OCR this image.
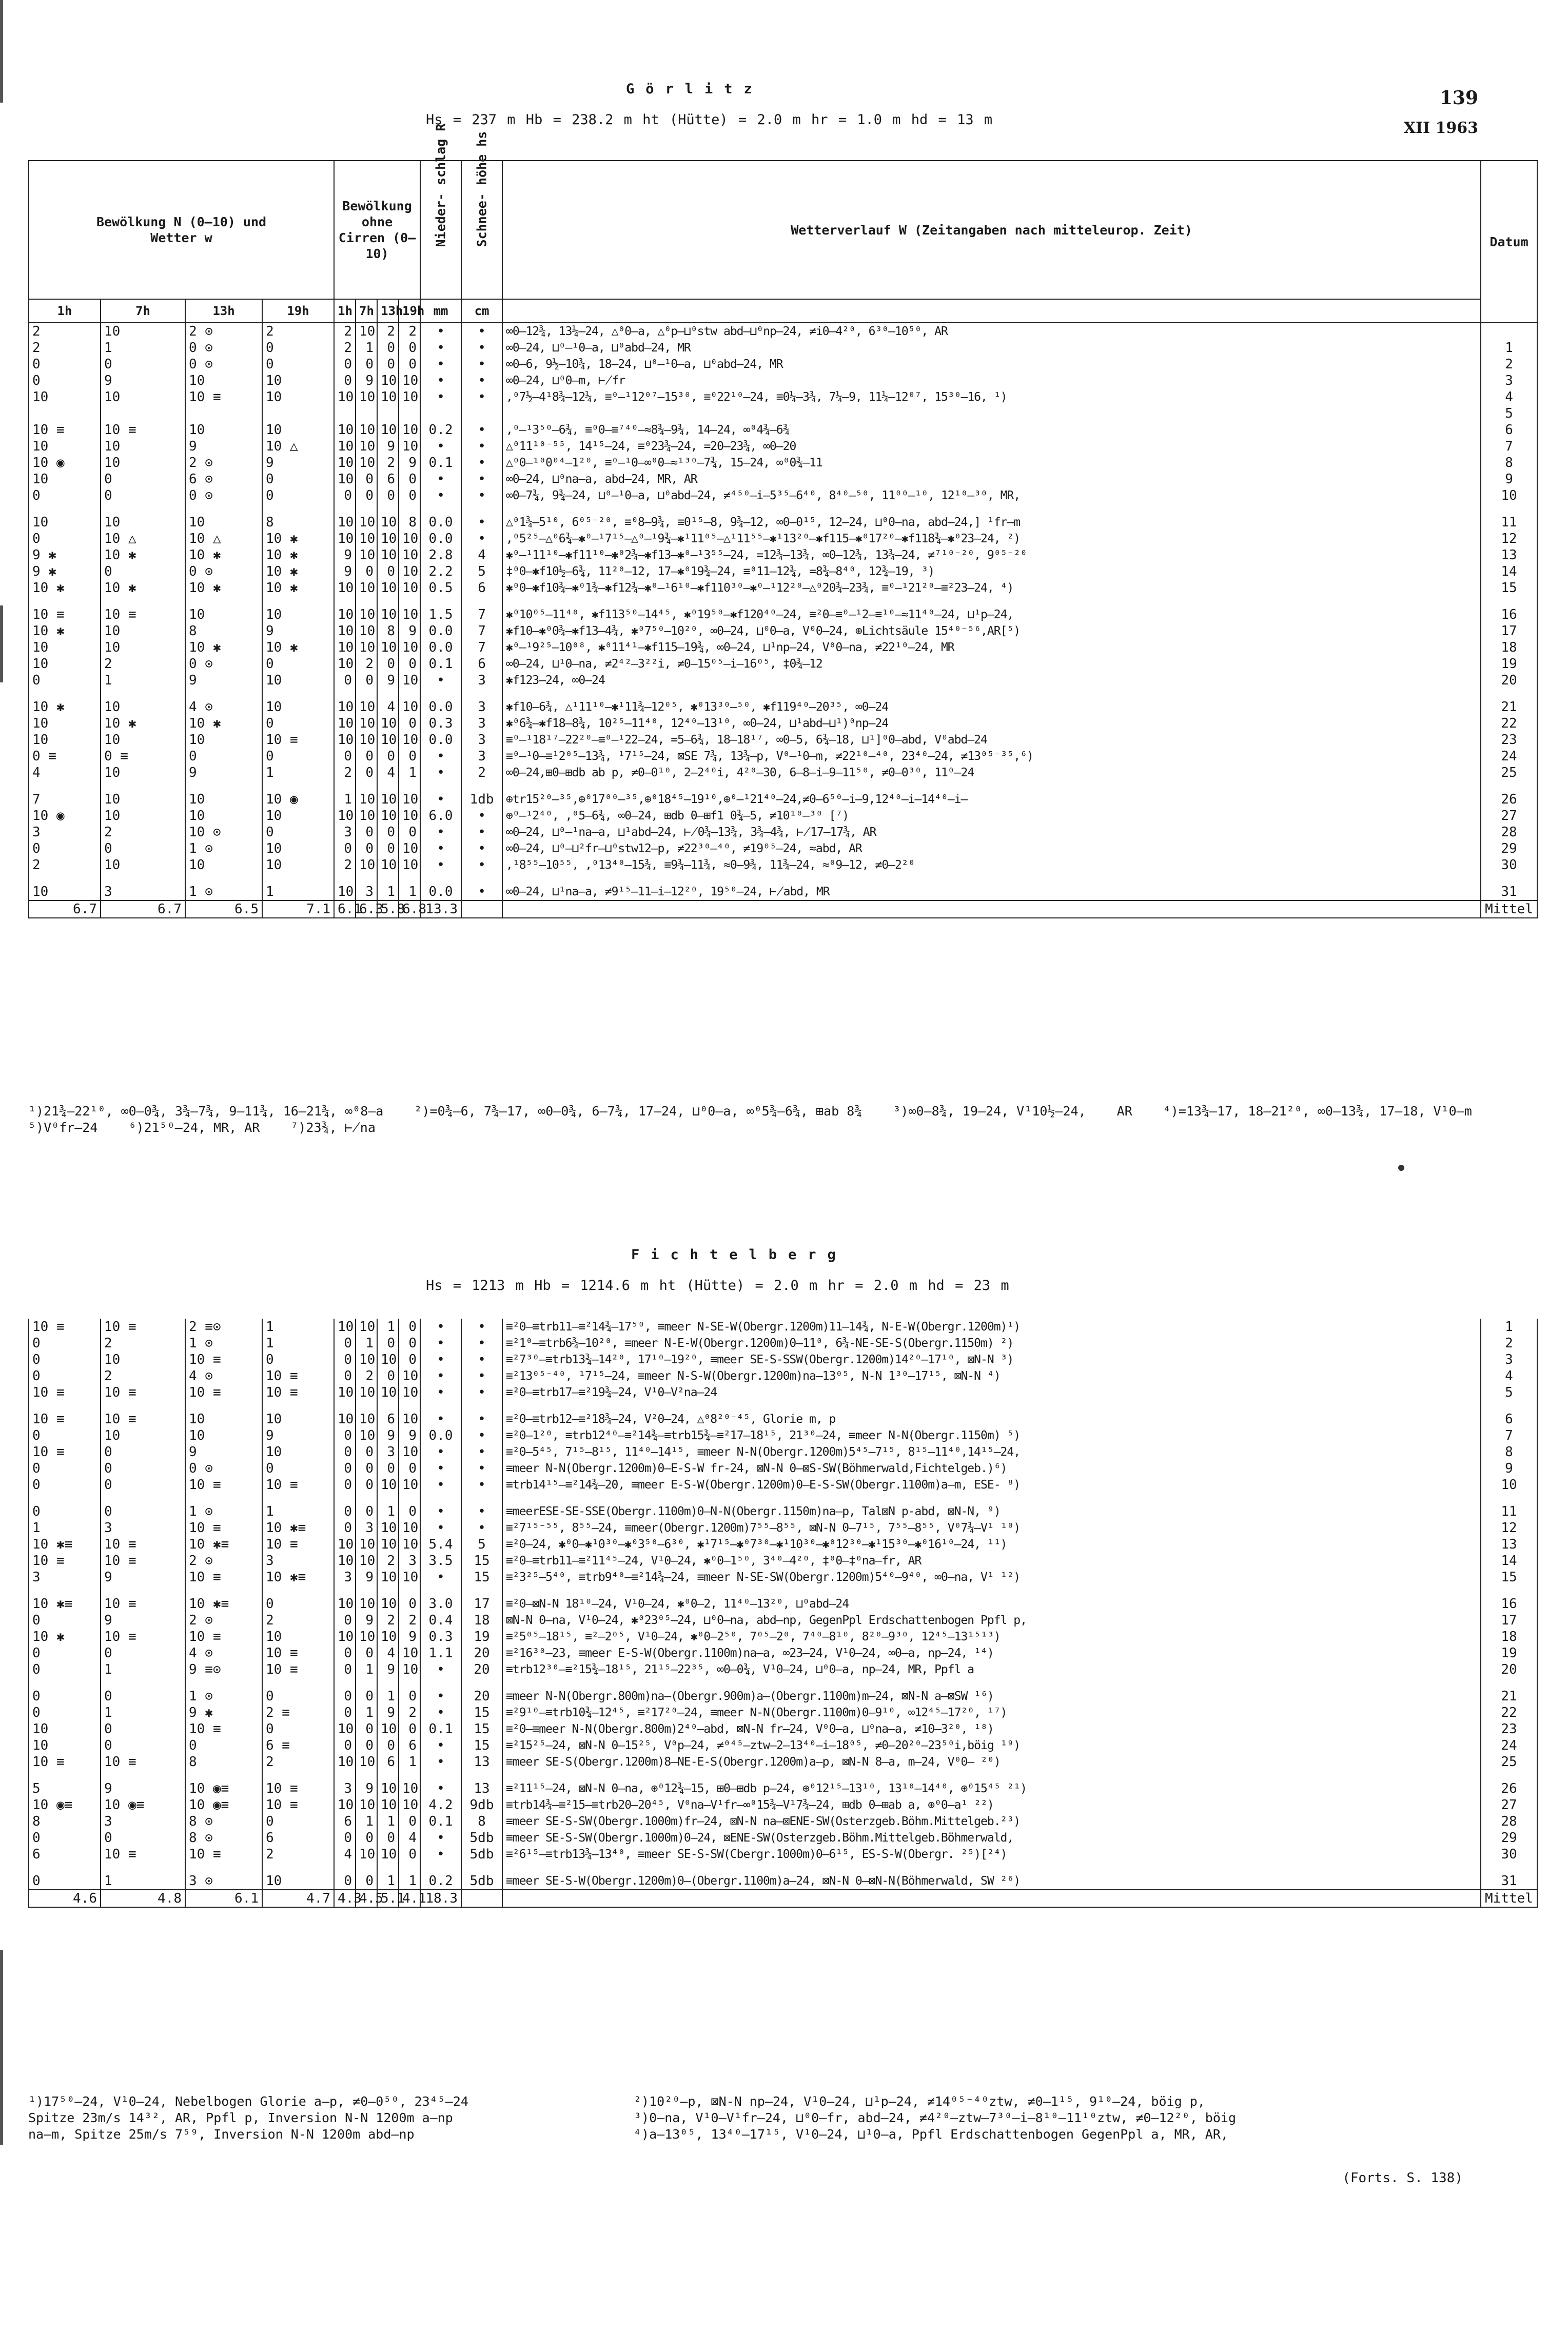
139
XII 1963
Görlitz
Hs = 237 m Hb = 238.2 m ht (Hütte) = 2.0 m hr = 1.0 m hd = 13 m
Bewölkung N (0–10) und Wetter w				Bewölkung ohne Cirren (0–10)				Nieder- schlag R	Schnee- höhe hs	Wetterverlauf W (Zeitangaben nach mitteleurop. Zeit)	Datum
1h	7h	13h	19h	1h	7h	13h	19h	mm	cm		
2	10	2 ⊙	2	2	10	2	2	•	•	∞0–12¾, 13¼–24, △⁰0–a, △⁰p–⊔⁰stw abd–⊔⁰np–24, ≠i0–4²⁰, 6³⁰–10⁵⁰, AR	
2	1	0 ⊙	0	2	1	0	0	•	•	∞0–24, ⊔⁰–¹0–a, ⊔⁰abd–24, MR	1
0	0	0 ⊙	0	0	0	0	0	•	•	∞0–6, 9½–10¾, 18–24, ⊔⁰–¹0–a, ⊔⁰abd–24, MR	2
0	9	10	10	0	9	10	10	•	•	∞0–24, ⊔⁰0–m, ⊬fr	3
10	10	10 ≡	10	10	10	10	10	•	•	,⁰7½–4¹8¾–12¼, ≡⁰–¹12⁰⁷–15³⁰, ≡⁰22¹⁰–24, ≡0¼–3¾, 7¼–9, 11¼–12⁰⁷, 15³⁰–16, ¹)	4
											5
10 ≡	10 ≡	10	10	10	10	10	10	0.2	•	,⁰–¹3⁵⁰–6¾, ≡⁰0–≡⁷⁴⁰–≈8¾–9¾, 14–24, ∞⁰4¾–6¾	6
10	10	9	10 △	10	10	9	10	•	•	△⁰11¹⁰⁻⁵⁵, 14¹⁵–24, ≡⁰23¾–24, =20–23¾, ∞0–20	7
10 ◉	10	2 ⊙	9	10	10	2	9	0.1	•	△⁰0–¹⁰0⁰⁴–1²⁰, ≡⁰–¹0–∞⁰0–≈¹³⁰–7¾, 15–24, ∞⁰0¾–11	8
10	0	6 ⊙	0	10	0	6	0	•	•	∞0–24, ⊔⁰na–a, abd–24, MR, AR	9
0	0	0 ⊙	0	0	0	0	0	•	•	∞0–7¾, 9¾–24, ⊔⁰–¹0–a, ⊔⁰abd–24, ≠⁴⁵⁰–i–5³⁵–6⁴⁰, 8⁴⁰–⁵⁰, 11⁰⁰–¹⁰, 12¹⁰–³⁰, MR,	10

10	10	10	8	10	10	10	8	0.0	•	△⁰1¾–5¹⁰, 6⁰⁵⁻²⁰, ≡⁰8–9¾, ≡0¹⁵–8, 9¾–12, ∞0–0¹⁵, 12–24, ⊔⁰0–na, abd–24,] ¹fr–m	11
0	10 △	10 △	10 ✱	10	10	10	10	0.0	•	,⁰5²⁵–△⁰6¾–✱⁰–¹7¹⁵–△⁰–¹9¾–✱¹11⁰⁵–△¹11⁵⁵–✱¹13²⁰–✱f115–✱⁰17²⁰–✱f118¾–✱⁰23–24, ²)	12
9 ✱	10 ✱	10 ✱	10 ✱	9	10	10	10	2.8	4	✱⁰–¹11¹⁰–✱f11¹⁰–✱⁰2¾–✱f13–✱⁰–¹3⁵⁵–24, =12¾–13¾, ∞0–12¾, 13¾–24, ≠⁷¹⁰⁻²⁰, 9⁰⁵⁻²⁰	13
9 ✱	0	0 ⊙	10 ✱	9	0	0	10	2.2	5	‡⁰0–✱f10½–6¾, 11²⁰–12, 17–✱⁰19¾–24, ≡⁰11–12¾, =8¾–8⁴⁰, 12¾–19, ³)	14
10 ✱	10 ✱	10 ✱	10 ✱	10	10	10	10	0.5	6	✱⁰0–✱f10¾–✱⁰1¾–✱f12¾–✱⁰–¹6¹⁰–✱f110³⁰–✱⁰–¹12²⁰–△⁰20¾–23¾, ≡⁰–¹21²⁰–≡²23–24, ⁴)	15

10 ≡	10 ≡	10	10	10	10	10	10	1.5	7	✱⁰10⁰⁵–11⁴⁰, ✱f113⁵⁰–14⁴⁵, ✱⁰19⁵⁰–✱f120⁴⁰–24, ≡²0–≡⁰–¹2–≡¹⁰–≈11⁴⁰–24, ⊔¹p–24,	16
10 ✱	10	8	9	10	10	8	9	0.0	7	✱f10–✱⁰0¾–✱f13–4¾, ✱⁰7⁵⁰–10²⁰, ∞0–24, ⊔⁰0–a, V⁰0–24, ⊕Lichtsäule 15⁴⁰⁻⁵⁶,AR[⁵)	17
10	10	10 ✱	10 ✱	10	10	10	10	0.0	7	✱⁰–¹9²⁵–10⁰⁸, ✱⁰11⁴¹–✱f115–19¾, ∞0–24, ⊔¹np–24, V⁰0–na, ≠22¹⁰–24, MR	18
10	2	0 ⊙	0	10	2	0	0	0.1	6	∞0–24, ⊔¹0–na, ≠2⁴²–3²²i, ≠0–15⁰⁵–i–16⁰⁵, ‡0¾–12	19
0	1	9	10	0	0	9	10	•	3	✱f123–24, ∞0–24	20

10 ✱	10	4 ⊙	10	10	10	4	10	0.0	3	✱f10–6¾, △¹11¹⁰–✱¹11¾–12⁰⁵, ✱⁰13³⁰–⁵⁰, ✱f119⁴⁰–20³⁵, ∞0–24	21
10	10 ✱	10 ✱	0	10	10	10	0	0.3	3	✱⁰6¾–✱f18–8¾, 10²⁵–11⁴⁰, 12⁴⁰–13¹⁰, ∞0–24, ⊔¹abd–⊔¹)⁰np–24	22
10	10	10	10 ≡	10	10	10	10	0.0	3	≡⁰–¹18¹⁷–22²⁰–≡⁰–¹22–24, =5–6¾, 18–18¹⁷, ∞0–5, 6¾–18, ⊔¹]⁰0–abd, V⁰abd–24	23
0 ≡	0 ≡	0	0	0	0	0	0	•	3	≡⁰–¹0–≡¹2⁰⁵–13¾, ¹7¹⁵–24, ⊠SE 7¾, 13¾–p, V⁰–¹0–m, ≠22¹⁰–⁴⁰, 23⁴⁰–24, ≠13⁰⁵⁻³⁵,⁶)	24
4	10	9	1	2	0	4	1	•	2	∞0–24,⊞0–⊞db ab p, ≠0–0¹⁰, 2–2⁴⁰i, 4²⁰–30, 6–8–i–9–11⁵⁰, ≠0–0³⁰, 11⁰–24	25

7	10	10	10 ◉	1	10	10	10	•	1db	⊕tr15²⁰–³⁵,⊕⁰17⁰⁰–³⁵,⊕⁰18⁴⁵–19¹⁰,⊕⁰–¹21⁴⁰–24,≠0–6⁵⁰–i–9,12⁴⁰–i–14⁴⁰–i–	26
10 ◉	10	10	10	10	10	10	10	6.0	•	⊕⁰–¹2⁴⁰, ,⁰5–6¾, ∞0–24, ⊞db 0–⊞f1 0¾–5, ≠10¹⁰–³⁰ [⁷)	27
3	2	10 ⊙	0	3	0	0	0	•	•	∞0–24, ⊔⁰–¹na–a, ⊔¹abd–24, ⊬0¾–13¾, 3¾–4¾, ⊬17–17¾, AR	28
0	0	1 ⊙	10	0	0	0	10	•	•	∞0–24, ⊔⁰–⊔²fr–⊔⁰stw12–p, ≠22³⁰–⁴⁰, ≠19⁰⁵–24, ≈abd, AR	29
2	10	10	10	2	10	10	10	•	•	,¹8⁵⁵–10⁵⁵, ,⁰13⁴⁰–15¾, ≡9¾–11¾, ≈0–9¾, 11¾–24, ≈⁰9–12, ≠0–2²⁰	30

10	3	1 ⊙	1	10	3	1	1	0.0	•	∞0–24, ⊔¹na–a, ≠9¹⁵–11–i–12²⁰, 19⁵⁰–24, ⊬abd, MR	31
6.7	6.7	6.5	7.1	6.1	6.3	5.8	6.8	13.3			Mittel
¹)21¾–22¹⁰, ∞0–0¾, 3¾–7¾, 9–11¾, 16–21¾, ∞⁰8–a ²)=0¾–6, 7¾–17, ∞0–0¾, 6–7¾, 17–24, ⊔⁰0–a, ∞⁰5¾–6¾, ⊞ab 8¾ ³)∞0–8¾, 19–24, V¹10½–24, AR ⁴)=13¾–17, 18–21²⁰, ∞0–13¾, 17–18, V¹0–m⁵)V⁰fr–24 ⁶)21⁵⁰–24, MR, AR ⁷)23¾, ⊬na
Fichtelberg
Hs = 1213 m Hb = 1214.6 m ht (Hütte) = 2.0 m hr = 2.0 m hd = 23 m
10 ≡	10 ≡	2 ≡⊙	1	10	10	1	0	•	•	≡²0–≡trb11–≡²14¾–17⁵⁰, ≡meer N-SE-W(Obergr.1200m)11–14¾, N-E-W(Obergr.1200m)¹)	1
0	2	1 ⊙	1	0	1	0	0	•	•	≡²1⁰–≡trb6¾–10²⁰, ≡meer N-E-W(Obergr.1200m)0–11⁰, 6¾-NE-SE-S(Obergr.1150m) ²)	2
0	10	10 ≡	0	0	10	10	0	•	•	≡²7³⁰–≡trb13¾–14²⁰, 17¹⁰–19²⁰, ≡meer SE-S-SSW(Obergr.1200m)14²⁰–17¹⁰, ⊠N-N ³)	3
0	2	4 ⊙	10 ≡	0	2	0	10	•	•	≡²13⁰⁵⁻⁴⁰, ¹7¹⁵–24, ≡meer N-S-W(Obergr.1200m)na–13⁰⁵, N-N 1³⁰–17¹⁵, ⊠N-N ⁴)	4
10 ≡	10 ≡	10 ≡	10 ≡	10	10	10	10	•	•	≡²0–≡trb17–≡²19¾–24, V¹0–V²na–24	5

10 ≡	10 ≡	10	10	10	10	6	10	•	•	≡²0–≡trb12–≡²18¾–24, V²0–24, △⁰8²⁰⁻⁴⁵, Glorie m, p	6
0	10	10	9	0	10	9	9	0.0	•	≡²0–1²⁰, ≡trb12⁴⁰–≡²14¾–≡trb15¾–≡²17–18¹⁵, 21³⁰–24, ≡meer N-N(Obergr.1150m) ⁵)	7
10 ≡	0	9	10	0	0	3	10	•	•	≡²0–5⁴⁵, 7¹⁵–8¹⁵, 11⁴⁰–14¹⁵, ≡meer N-N(Obergr.1200m)5⁴⁵–7¹⁵, 8¹⁵–11⁴⁰,14¹⁵–24,	8
0	0	0 ⊙	0	0	0	0	0	•	•	≡meer N-N(Obergr.1200m)0–E-S-W fr-24, ⊠N-N 0–⊠S-SW(Böhmerwald,Fichtelgeb.)⁶)	9
0	0	10 ≡	10 ≡	0	0	10	10	•	•	≡trb14¹⁵–≡²14¾–20, ≡meer E-S-W(Obergr.1200m)0–E-S-SW(Obergr.1100m)a–m, ESE- ⁸)	10

0	0	1 ⊙	1	0	0	1	0	•	•	≡meerESE-SE-SSE(Obergr.1100m)0–N-N(Obergr.1150m)na–p, Tal⊠N p-abd, ⊠N-N, ⁹)	11
1	3	10 ≡	10 ✱≡	0	3	10	10	•	•	≡²7¹⁵⁻⁵⁵, 8⁵⁵–24, ≡meer(Obergr.1200m)7⁵⁵–8⁵⁵, ⊠N-N 0–7¹⁵, 7⁵⁵–8⁵⁵, V⁰7¾–V¹ ¹⁰)	12
10 ✱≡	10 ≡	10 ✱≡	10 ≡	10	10	10	10	5.4	5	≡²0–24, ✱⁰0–✱¹0³⁰–✱⁰3⁵⁰–6³⁰, ✱¹7¹⁵–✱⁰7³⁰–✱¹10³⁰–✱⁰12³⁰–✱¹15³⁰–✱⁰16¹⁰–24, ¹¹)	13
10 ≡	10 ≡	2 ⊙	3	10	10	2	3	3.5	15	≡²0–≡trb11–≡²11⁴⁵–24, V¹0–24, ✱⁰0–1⁵⁰, 3⁴⁰–4²⁰, ‡⁰0–‡⁰na–fr, AR	14
3	9	10 ≡	10 ✱≡	3	9	10	10	•	15	≡²3²⁵–5⁴⁰, ≡trb9⁴⁰–≡²14¾–24, ≡meer N-SE-SW(Obergr.1200m)5⁴⁰–9⁴⁰, ∞0–na, V¹ ¹²)	15

10 ✱≡	10 ≡	10 ✱≡	0	10	10	10	0	3.0	17	≡²0–⊠N-N 18¹⁰–24, V¹0–24, ✱⁰0–2, 11⁴⁰–13²⁰, ⊔⁰abd–24	16
0	9	2 ⊙	2	0	9	2	2	0.4	18	⊠N-N 0–na, V¹0–24, ✱⁰23⁰⁵–24, ⊔⁰0–na, abd–np, GegenPpl Erdschattenbogen Ppfl p,	17
10 ✱	10 ≡	10 ≡	10	10	10	10	9	0.3	19	≡²5⁰⁵–18¹⁵, ≡²–2⁰⁵, V¹0–24, ✱⁰0–2⁵⁰, 7⁰⁵–2⁰, 7⁴⁰–8¹⁰, 8²⁰–9³⁰, 12⁴⁵–13¹⁵¹³)	18
0	0	4 ⊙	10 ≡	0	0	4	10	1.1	20	≡²16³⁰–23, ≡meer E-S-W(Obergr.1100m)na–a, ∞23–24, V¹0–24, ∞0–a, np–24, ¹⁴)	19
0	1	9 ≡⊙	10 ≡	0	1	9	10	•	20	≡trb12³⁰–≡²15¾–18¹⁵, 21¹⁵–22³⁵, ∞0–0¾, V¹0–24, ⊔⁰0–a, np–24, MR, Ppfl a	20

0	0	1 ⊙	0	0	0	1	0	•	20	≡meer N-N(Obergr.800m)na–(Obergr.900m)a–(Obergr.1100m)m–24, ⊠N-N a–⊠SW ¹⁶)	21
0	1	9 ✱	2 ≡	0	1	9	2	•	15	≡²9¹⁰–≡trb10¾–12⁴⁵, ≡²17²⁰–24, ≡meer N-N(Obergr.1100m)0–9¹⁰, ∞12⁴⁵–17²⁰, ¹⁷)	22
10	0	10 ≡	0	10	0	10	0	0.1	15	≡²0–≡meer N-N(Obergr.800m)2⁴⁰–abd, ⊠N-N fr–24, V⁰0–a, ⊔⁰na–a, ≠10–3²⁰, ¹⁸)	23
10	0	0	6 ≡	0	0	0	6	•	15	≡²15²⁵–24, ⊠N-N 0–15²⁵, V⁰p–24, ≠⁰⁴⁵–ztw–2–13⁴⁰–i–18⁰⁵, ≠0–20²⁰–23⁵⁰i,böig ¹⁹)	24
10 ≡	10 ≡	8	2	10	10	6	1	•	13	≡meer SE-S(Obergr.1200m)8–NE-E-S(Obergr.1200m)a–p, ⊠N-N 8–a, m–24, V⁰0– ²⁰)	25

5	9	10 ◉≡	10 ≡	3	9	10	10	•	13	≡²11¹⁵–24, ⊠N-N 0–na, ⊕⁰12¾–15, ⊞0–⊞db p–24, ⊕⁰12¹⁵–13¹⁰, 13¹⁰–14⁴⁰, ⊕⁰15⁴⁵ ²¹)	26
10 ◉≡	10 ◉≡	10 ◉≡	10 ≡	10	10	10	10	4.2	9db	≡trb14¾–≡²15–≡trb20–20⁴⁵, V⁰na–V¹fr–∞⁰15¾–V¹7¾–24, ⊞db 0–⊞ab a, ⊕⁰0–a¹ ²²)	27
8	3	8 ⊙	0	6	1	1	0	0.1	8	≡meer SE-S-SW(Obergr.1000m)fr–24, ⊠N-N na–⊠ENE-SW(Osterzgeb.Böhm.Mittelgeb.²³)	28
0	0	8 ⊙	6	0	0	0	4	•	5db	≡meer SE-S-SW(Obergr.1000m)0–24, ⊠ENE-SW(Osterzgeb.Böhm.Mittelgeb.Böhmerwald,	29
6	10 ≡	10 ≡	2	4	10	10	0	•	5db	≡²6¹⁵–≡trb13¾–13⁴⁰, ≡meer SE-S-SW(Cbergr.1000m)0–6¹⁵, ES-S-W(Obergr. ²⁵)[²⁴)	30

0	1	3 ⊙	10	0	0	1	1	0.2	5db	≡meer SE-S-W(Obergr.1200m)0–(Obergr.1100m)a–24, ⊠N-N 0–⊠N-N(Böhmerwald, SW ²⁶)	31
4.6	4.8	6.1	4.7	4.3	4.5	5.1	4.1	18.3			Mittel
¹)17⁵⁰–24, V¹0–24, Nebelbogen Glorie a–p, ≠0–0⁵⁰, 23⁴⁵–24
Spitze 23m/s 14³², AR, Ppfl p, Inversion N-N 1200m a–np
na–m, Spitze 25m/s 7⁵⁹, Inversion N-N 1200m abd–np
²)10²⁰–p, ⊠N-N np–24, V¹0–24, ⊔¹p–24, ≠14⁰⁵⁻⁴⁰ztw, ≠0–1¹⁵, 9¹⁰–24, böig p,
³)0–na, V¹0–V¹fr–24, ⊔⁰0–fr, abd–24, ≠4²⁰–ztw–7³⁰–i–8¹⁰–11¹⁰ztw, ≠0–12²⁰, böig
⁴)a–13⁰⁵, 13⁴⁰–17¹⁵, V¹0–24, ⊔¹0–a, Ppfl Erdschattenbogen GegenPpl a, MR, AR,
(Forts. S. 138)
